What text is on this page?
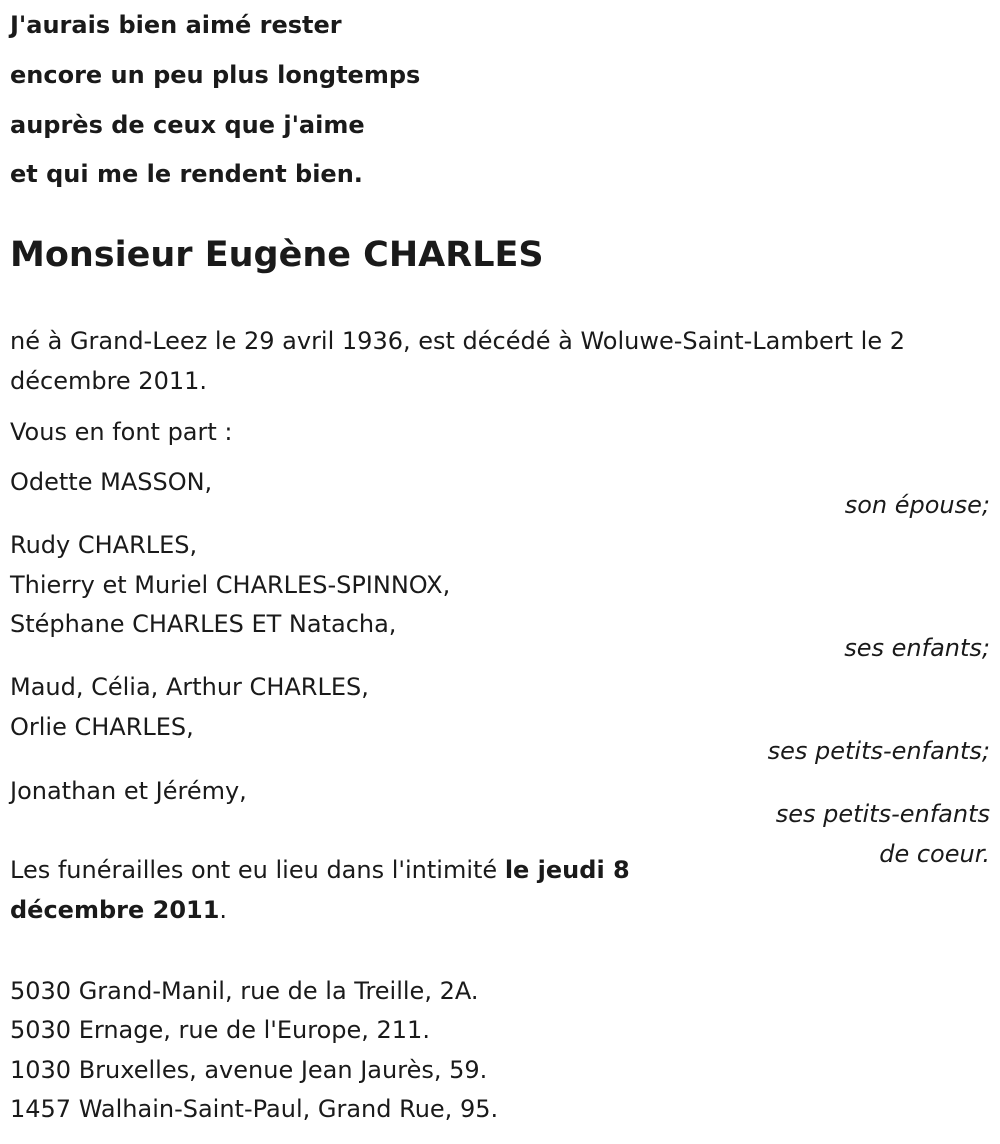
J'aurais bien aimé rester
encore un peu plus longtemps
auprès de ceux que j'aime
et qui me le rendent bien.
Monsieur Eugène CHARLES
né à Grand-Leez le 29 avril 1936, est décédé à Woluwe-Saint-Lambert le 2
décembre 2011.
Vous en font part :
Odette MASSON,
son épouse;
Rudy CHARLES,
Thierry et Muriel CHARLES-SPINNOX,
Stéphane CHARLES ET Natacha,
ses enfants;
Maud, Célia, Arthur CHARLES,
Orlie CHARLES,
ses petits-enfants;
Jonathan et Jérémy,
ses petits-enfants
de coeur.
Les funérailles ont eu lieu dans l'intimité le jeudi 8
décembre 2011.
5030 Grand-Manil, rue de la Treille, 2A.
5030 Ernage, rue de l'Europe, 211.
1030 Bruxelles, avenue Jean Jaurès, 59.
1457 Walhain-Saint-Paul, Grand Rue, 95.
